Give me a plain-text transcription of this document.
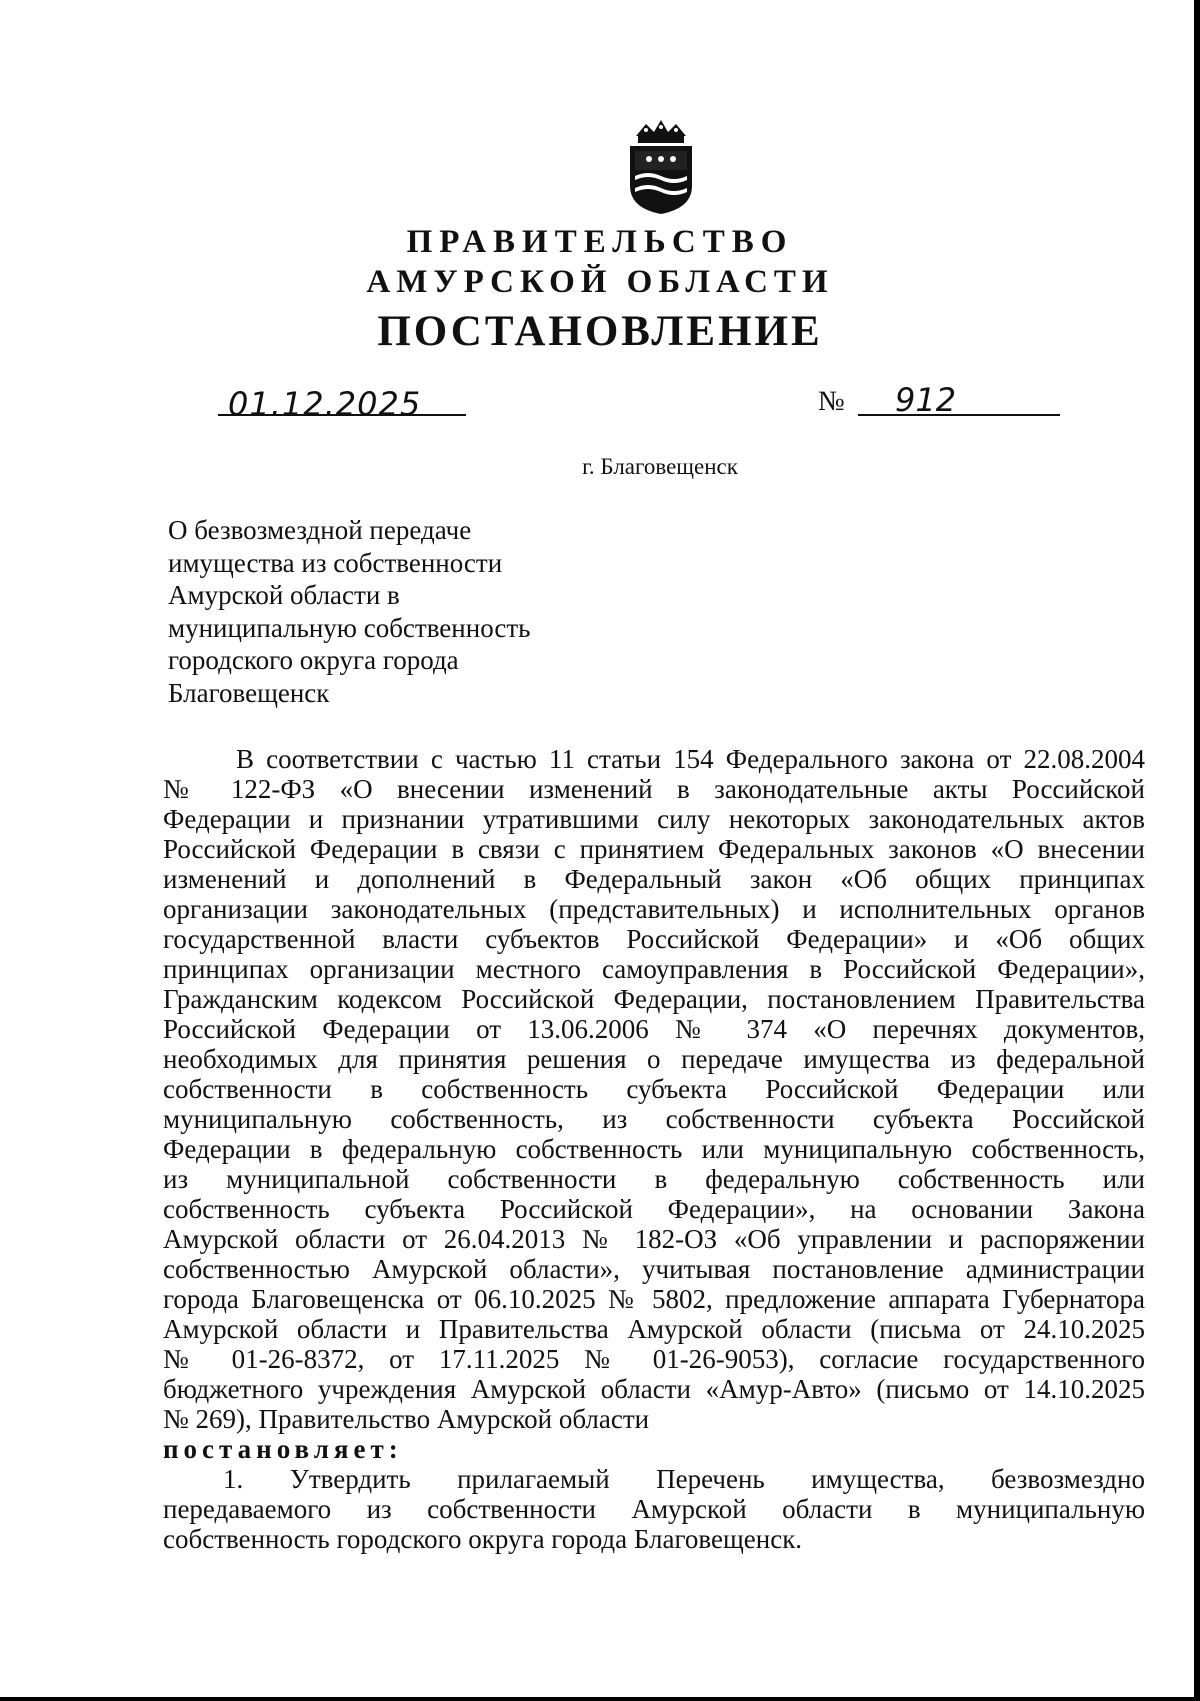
ПРАВИТЕЛЬСТВО
АМУРСКОЙ ОБЛАСТИ
ПОСТАНОВЛЕНИЕ
01.12.2025	№ 912
г. Благовещенск
О безвозмездной передаче
имущества из собственности
Амурской области в
муниципальную собственность
городского округа города
Благовещенск
В соответствии с частью 11 статьи 154 Федерального закона от 22.08.2004
№ 122-ФЗ «О внесении изменений в законодательные акты Российской
Федерации и признании утратившими силу некоторых законодательных актов
Российской Федерации в связи с принятием Федеральных законов «О внесении
изменений и дополнений в Федеральный закон «Об общих принципах
организации законодательных (представительных) и исполнительных органов
государственной власти субъектов Российской Федерации» и «Об общих
принципах организации местного самоуправления в Российской Федерации»,
Гражданским кодексом Российской Федерации, постановлением Правительства
Российской Федерации от 13.06.2006 № 374 «О перечнях документов,
необходимых для принятия решения о передаче имущества из федеральной
собственности в собственность субъекта Российской Федерации или
муниципальную собственность, из собственности субъекта Российской
Федерации в федеральную собственность или муниципальную собственность,
из муниципальной собственности в федеральную собственность или
собственность субъекта Российской Федерации», на основании Закона
Амурской области от 26.04.2013 № 182-ОЗ «Об управлении и распоряжении
собственностью Амурской области», учитывая постановление администрации
города Благовещенска от 06.10.2025 № 5802, предложение аппарата Губернатора
Амурской области и Правительства Амурской области (письма от 24.10.2025
№ 01-26-8372, от 17.11.2025 № 01-26-9053), согласие государственного
бюджетного учреждения Амурской области «Амур-Авто» (письмо от 14.10.2025
№ 269), Правительство Амурской области
постановляет:
1. Утвердить прилагаемый Перечень имущества, безвозмездно
передаваемого из собственности Амурской области в муниципальную
собственность городского округа города Благовещенск.
